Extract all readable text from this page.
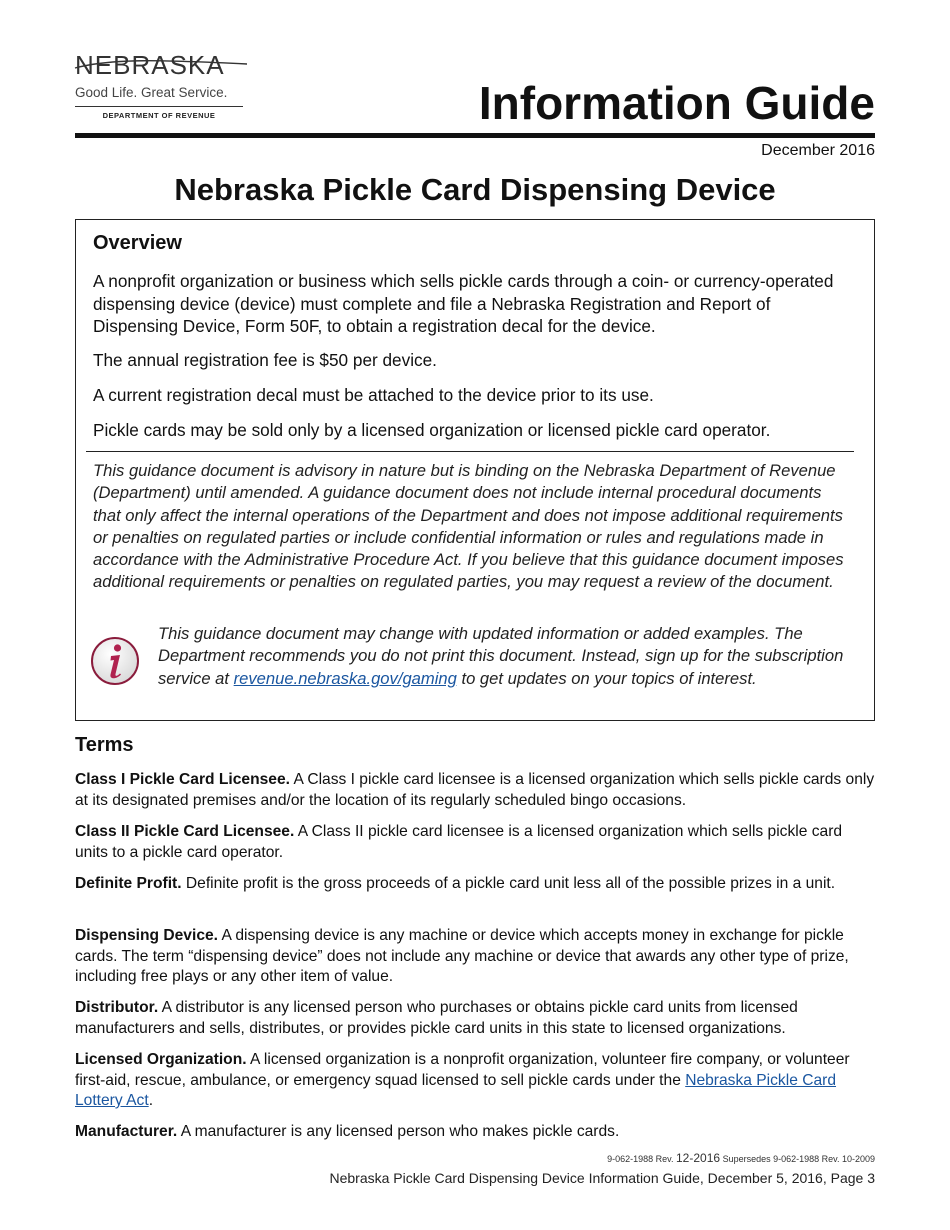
NEBRASKA
Good Life. Great Service.
DEPARTMENT OF REVENUE	Information Guide
December 2016
Nebraska Pickle Card Dispensing Device
Overview
A nonprofit organization or business which sells pickle cards through a coin- or currency-operated dispensing device (device) must complete and file a Nebraska Registration and Report of Dispensing Device, Form 50F, to obtain a registration decal for the device.
The annual registration fee is $50 per device.
A current registration decal must be attached to the device prior to its use.
Pickle cards may be sold only by a licensed organization or licensed pickle card operator.
This guidance document is advisory in nature but is binding on the Nebraska Department of Revenue (Department) until amended. A guidance document does not include internal procedural documents that only affect the internal operations of the Department and does not impose additional requirements or penalties on regulated parties or include confidential information or rules and regulations made in accordance with the Administrative Procedure Act. If you believe that this guidance document imposes additional requirements or penalties on regulated parties, you may request a review of the document.
This guidance document may change with updated information or added examples. The Department recommends you do not print this document. Instead, sign up for the subscription service at revenue.nebraska.gov/gaming to get updates on your topics of interest.
Terms
Class I Pickle Card Licensee. A Class I pickle card licensee is a licensed organization which sells pickle cards only at its designated premises and/or the location of its regularly scheduled bingo occasions.
Class II Pickle Card Licensee. A Class II pickle card licensee is a licensed organization which sells pickle card units to a pickle card operator.
Definite Profit. Definite profit is the gross proceeds of a pickle card unit less all of the possible prizes in a unit.
Dispensing Device. A dispensing device is any machine or device which accepts money in exchange for pickle cards. The term “dispensing device” does not include any machine or device that awards any other type of prize, including free plays or any other item of value.
Distributor. A distributor is any licensed person who purchases or obtains pickle card units from licensed manufacturers and sells, distributes, or provides pickle card units in this state to licensed organizations.
Licensed Organization. A licensed organization is a nonprofit organization, volunteer fire company, or volunteer first-aid, rescue, ambulance, or emergency squad licensed to sell pickle cards under the Nebraska Pickle Card Lottery Act.
Manufacturer. A manufacturer is any licensed person who makes pickle cards.
9-062-1988 Rev. 12-2016 Supersedes 9-062-1988 Rev. 10-2009
Nebraska Pickle Card Dispensing Device Information Guide, December 5, 2016, Page 3
